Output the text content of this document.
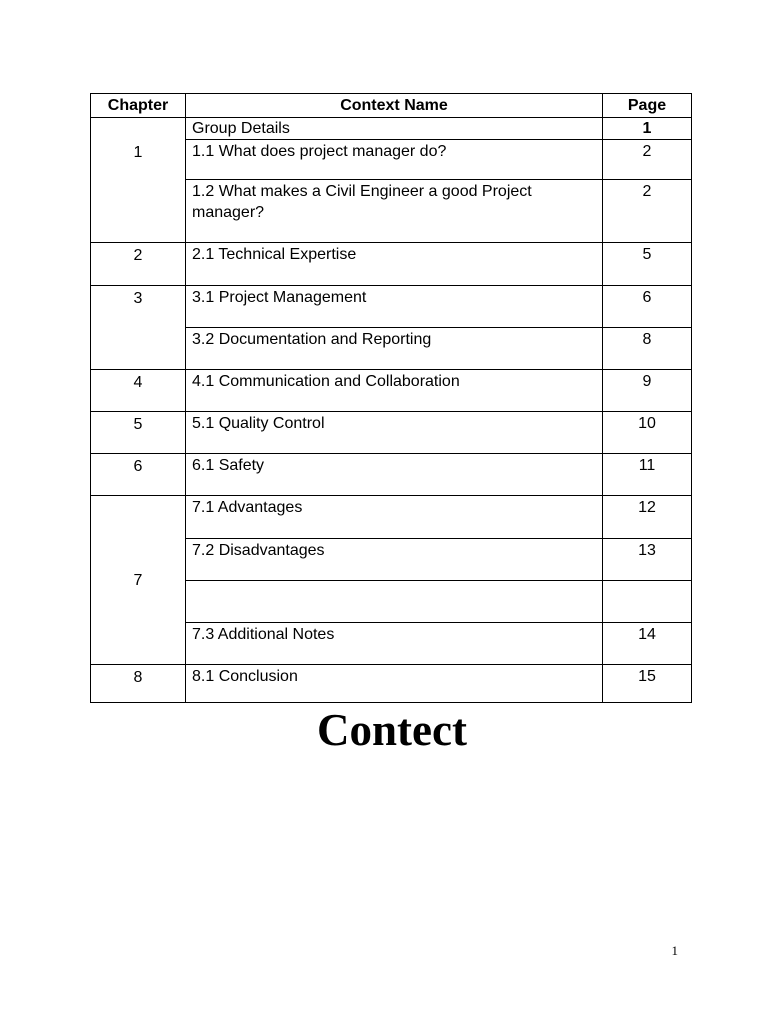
Chapter	Context Name	Page
	Group Details	1
1	1.1 What does project manager do?	2
	1.2 What makes a Civil Engineer a good Project manager?	2
2	2.1 Technical Expertise	5
3	3.1 Project Management	6
	3.2 Documentation and Reporting	8
4	4.1 Communication and Collaboration	9
5	5.1 Quality Control	10
6	6.1 Safety	11
7	7.1 Advantages	12
	7.2 Disadvantages	13

	7.3 Additional Notes	14
8	8.1 Conclusion	15
Contect
1
